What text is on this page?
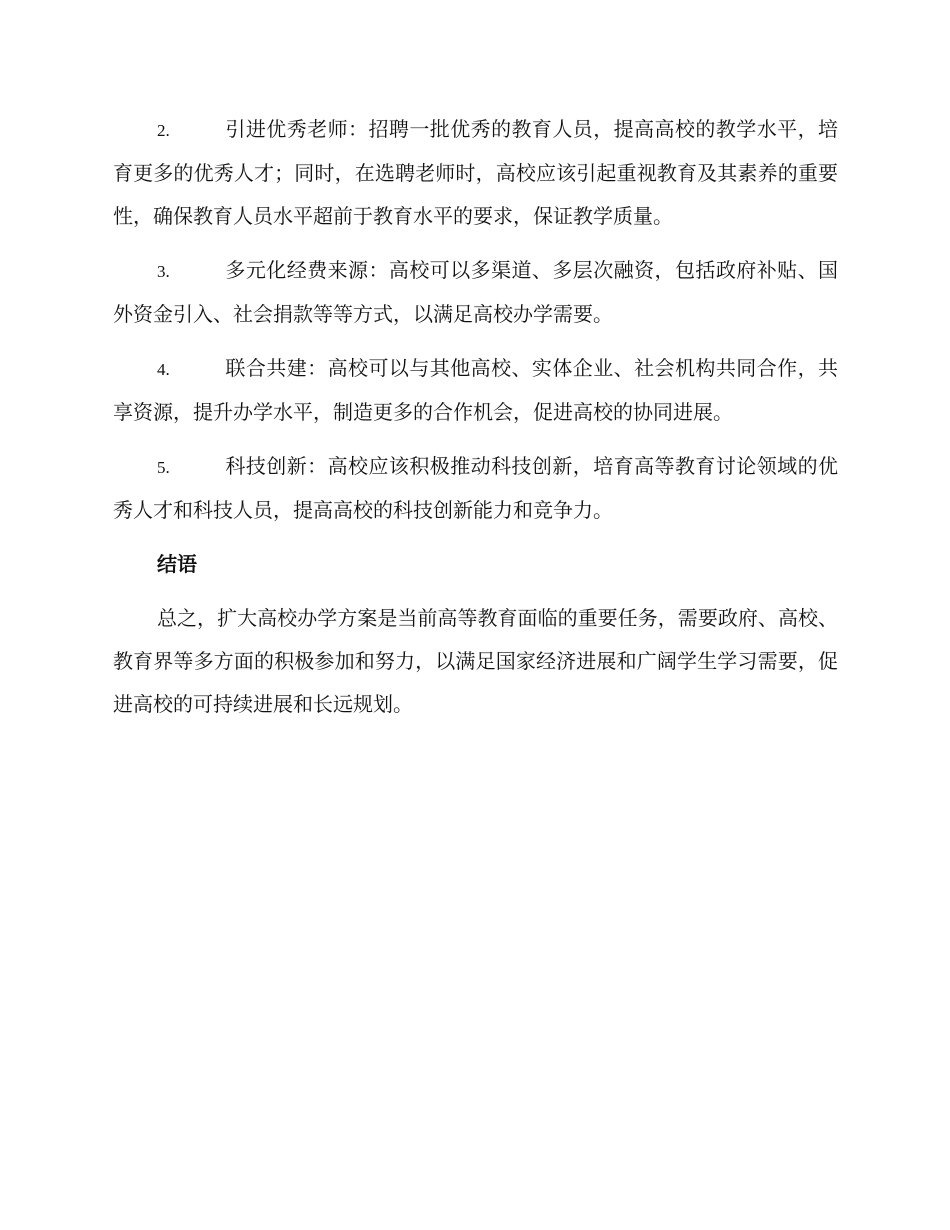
2.	引进优秀老师：招聘一批优秀的教育人员，提高高校的教学水平，培育更多的优秀人才；同时，在选聘老师时，高校应该引起重视教育及其素养的重要性，确保教育人员水平超前于教育水平的要求，保证教学质量。

3.	多元化经费来源：高校可以多渠道、多层次融资，包括政府补贴、国外资金引入、社会捐款等等方式，以满足高校办学需要。

4.	联合共建：高校可以与其他高校、实体企业、社会机构共同合作，共享资源，提升办学水平，制造更多的合作机会，促进高校的协同进展。

5.	科技创新：高校应该积极推动科技创新，培育高等教育讨论领域的优秀人才和科技人员，提高高校的科技创新能力和竞争力。

结语

总之，扩大高校办学方案是当前高等教育面临的重要任务，需要政府、高校、教育界等多方面的积极参加和努力，以满足国家经济进展和广阔学生学习需要，促进高校的可持续进展和长远规划。
